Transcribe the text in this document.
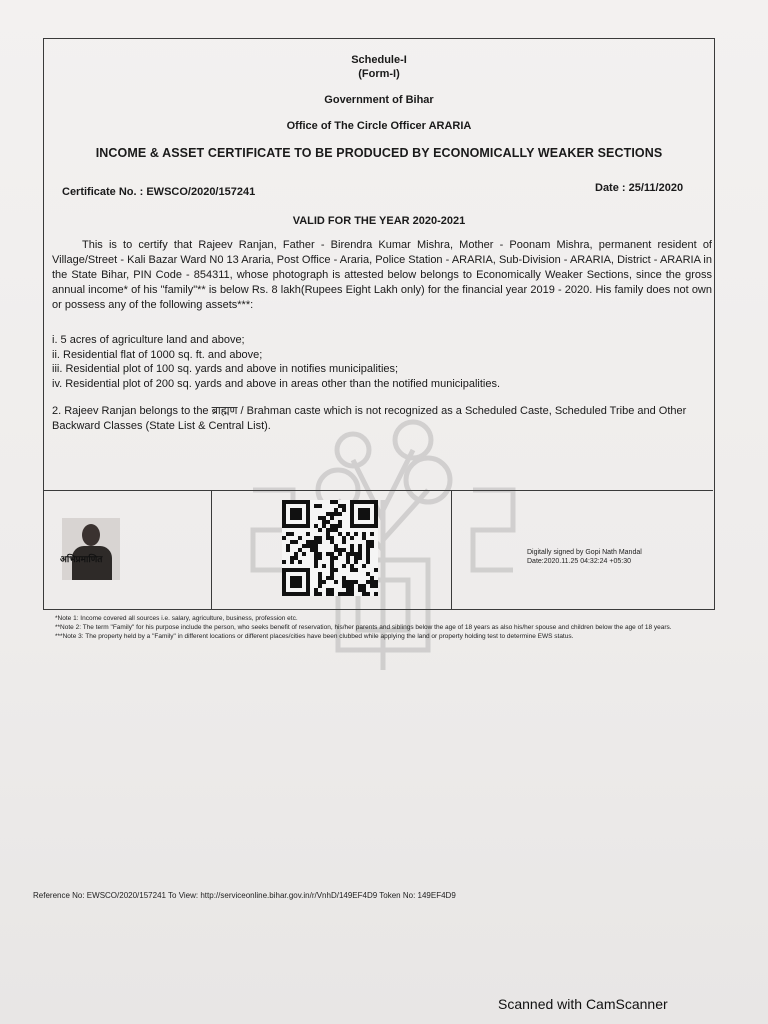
Schedule-I
(Form-I)
Government of Bihar
Office of The Circle Officer ARARIA
INCOME & ASSET CERTIFICATE TO BE PRODUCED BY ECONOMICALLY WEAKER SECTIONS
Certificate No. : EWSCO/2020/157241	Date : 25/11/2020
VALID FOR THE YEAR 2020-2021
This is to certify that Rajeev Ranjan, Father - Birendra Kumar Mishra, Mother - Poonam Mishra, permanent resident of Village/Street - Kali Bazar Ward N0 13 Araria, Post Office - Araria, Police Station - ARARIA, Sub-Division - ARARIA, District - ARARIA in the State Bihar, PIN Code - 854311, whose photograph is attested below belongs to Economically Weaker Sections, since the gross annual income* of his "family"** is below Rs. 8 lakh(Rupees Eight Lakh only) for the financial year 2019 - 2020. His family does not own or possess any of the following assets***:
i. 5 acres of agriculture land and above;
ii. Residential flat of 1000 sq. ft. and above;
iii. Residential plot of 100 sq. yards and above in notifies municipalities;
iv. Residential plot of 200 sq. yards and above in areas other than the notified municipalities.
2. Rajeev Ranjan belongs to the ब्राह्मण / Brahman caste which is not recognized as a Scheduled Caste, Scheduled Tribe and Other Backward Classes (State List & Central List).
अभिप्रमाणित
Digitally signed by Gopi Nath Mandal
Date:2020.11.25 04:32:24 +05:30
*Note 1: Income covered all sources i.e. salary, agriculture, business, profession etc.
**Note 2: The term "Family" for his purpose include the person, who seeks benefit of reservation, his/her parents and siblings below the age of 18 years as also his/her spouse and children below the age of 18 years.
***Note 3: The property held by a "Family" in different locations or different places/cities have been clubbed while applying the land or property holding test to determine EWS status.
Reference No: EWSCO/2020/157241 To View: http://serviceonline.bihar.gov.in/r/VnhD/149EF4D9 Token No: 149EF4D9
Scanned with CamScanner
